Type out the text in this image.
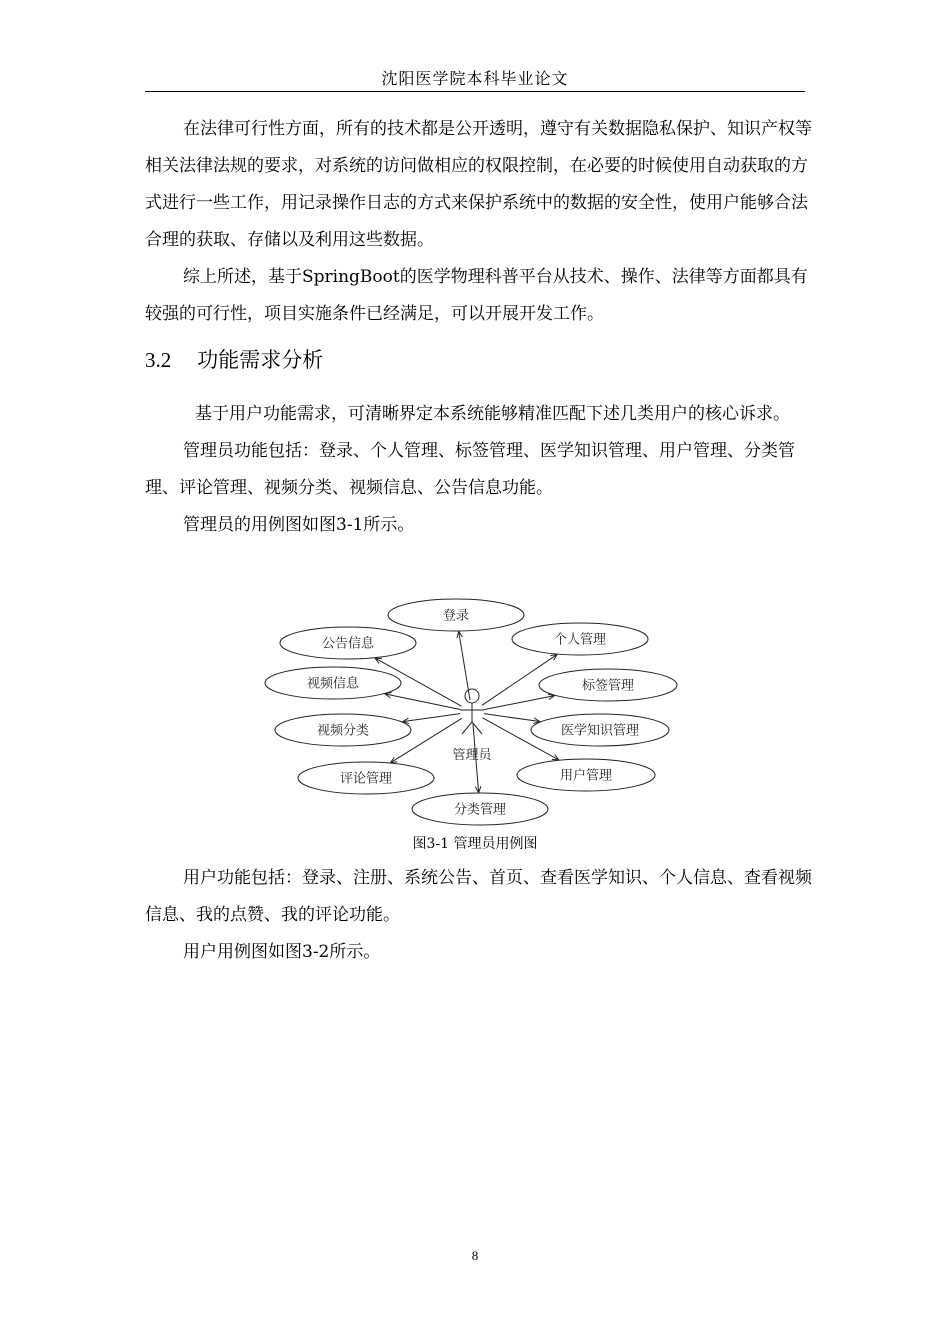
沈阳医学院本科毕业论文

在法律可行性方面，所有的技术都是公开透明，遵守有关数据隐私保护、知识产权等相关法律法规的要求，对系统的访问做相应的权限控制，在必要的时候使用自动获取的方式进行一些工作，用记录操作日志的方式来保护系统中的数据的安全性，使用户能够合法合理的获取、存储以及利用这些数据。

综上所述，基于SpringBoot的医学物理科普平台从技术、操作、法律等方面都具有较强的可行性，项目实施条件已经满足，可以开展开发工作。

3.2 功能需求分析

基于用户功能需求，可清晰界定本系统能够精准匹配下述几类用户的核心诉求。

管理员功能包括：登录、个人管理、标签管理、医学知识管理、用户管理、分类管理、评论管理、视频分类、视频信息、公告信息功能。

管理员的用例图如图3-1所示。

登录
个人管理
标签管理
医学知识管理
用户管理
分类管理
评论管理
视频分类
视频信息
公告信息
管理员
图3-1 管理员用例图

用户功能包括：登录、注册、系统公告、首页、查看医学知识、个人信息、查看视频信息、我的点赞、我的评论功能。

用户用例图如图3-2所示。

8
